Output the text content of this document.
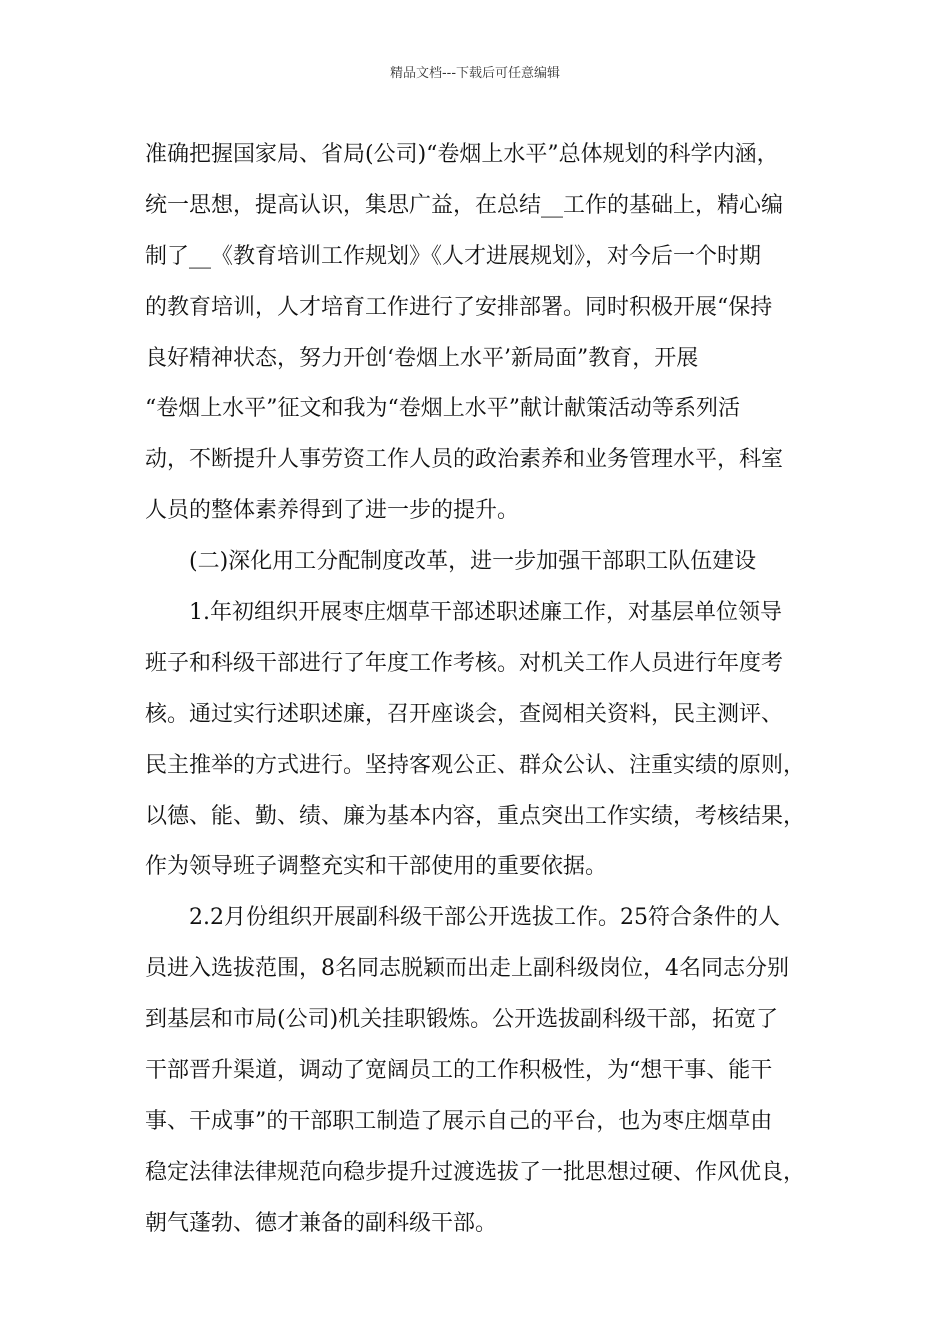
精品文档---下载后可任意编辑

准确把握国家局、省局(公司)“卷烟上水平”总体规划的科学内涵，
统一思想，提高认识，集思广益，在总结__工作的基础上，精心编
制了__《教育培训工作规划》《人才进展规划》，对今后一个时期
的教育培训，人才培育工作进行了安排部署。同时积极开展“保持
良好精神状态，努力开创‘卷烟上水平’新局面”教育，开展
“卷烟上水平”征文和我为“卷烟上水平”献计献策活动等系列活
动，不断提升人事劳资工作人员的政治素养和业务管理水平，科室
人员的整体素养得到了进一步的提升。

(二)深化用工分配制度改革，进一步加强干部职工队伍建设

1.年初组织开展枣庄烟草干部述职述廉工作，对基层单位领导
班子和科级干部进行了年度工作考核。对机关工作人员进行年度考
核。通过实行述职述廉，召开座谈会，查阅相关资料，民主测评、
民主推举的方式进行。坚持客观公正、群众公认、注重实绩的原则，
以德、能、勤、绩、廉为基本内容，重点突出工作实绩，考核结果，
作为领导班子调整充实和干部使用的重要依据。

2.2月份组织开展副科级干部公开选拔工作。25符合条件的人
员进入选拔范围，8名同志脱颖而出走上副科级岗位，4名同志分别
到基层和市局(公司)机关挂职锻炼。公开选拔副科级干部，拓宽了
干部晋升渠道，调动了宽阔员工的工作积极性，为“想干事、能干
事、干成事”的干部职工制造了展示自己的平台，也为枣庄烟草由
稳定法律法律规范向稳步提升过渡选拔了一批思想过硬、作风优良，
朝气蓬勃、德才兼备的副科级干部。
